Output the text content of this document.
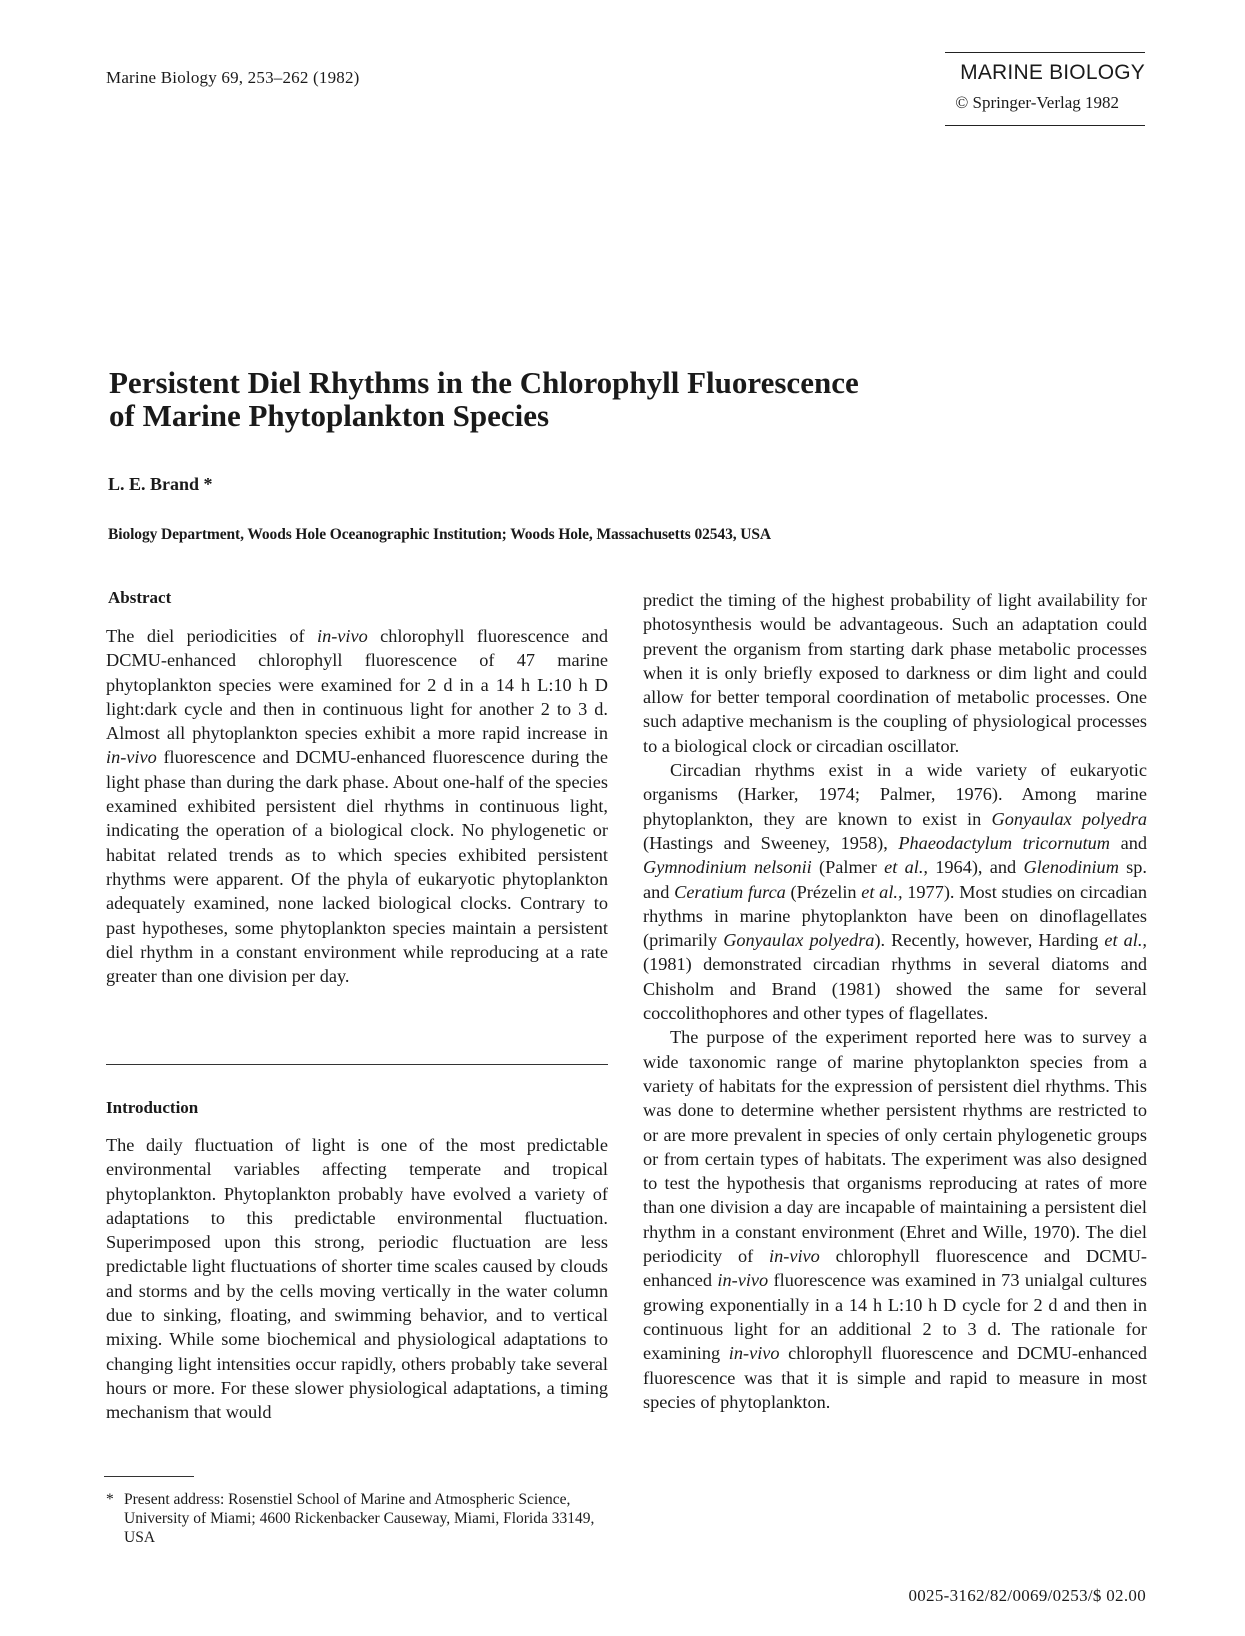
Marine Biology 69, 253–262 (1982)	MARINE BIOLOGY
© Springer-Verlag 1982
Persistent Diel Rhythms in the Chlorophyll Fluorescence
of Marine Phytoplankton Species
L. E. Brand *
Biology Department, Woods Hole Oceanographic Institution; Woods Hole, Massachusetts 02543, USA
Abstract

The diel periodicities of in-vivo chlorophyll fluorescence and DCMU-enhanced chlorophyll fluorescence of 47 marine phytoplankton species were examined for 2 d in a 14 h L:10 h D light:dark cycle and then in continuous light for another 2 to 3 d. Almost all phytoplankton species exhibit a more rapid increase in in-vivo fluorescence and DCMU-enhanced fluorescence during the light phase than during the dark phase. About one-half of the species examined exhibited persistent diel rhythms in continuous light, indicating the operation of a biological clock. No phylogenetic or habitat related trends as to which species exhibited persistent rhythms were apparent. Of the phyla of eukaryotic phytoplankton adequately examined, none lacked biological clocks. Contrary to past hypotheses, some phytoplankton species maintain a persistent diel rhythm in a constant environment while reproducing at a rate greater than one division per day.

Introduction

The daily fluctuation of light is one of the most predictable environmental variables affecting temperate and tropical phytoplankton. Phytoplankton probably have evolved a variety of adaptations to this predictable environmental fluctuation. Superimposed upon this strong, periodic fluctuation are less predictable light fluctuations of shorter time scales caused by clouds and storms and by the cells moving vertically in the water column due to sinking, floating, and swimming behavior, and to vertical mixing. While some biochemical and physiological adaptations to changing light intensities occur rapidly, others probably take several hours or more. For these slower physiological adaptations, a timing mechanism that would

predict the timing of the highest probability of light availability for photosynthesis would be advantageous. Such an adaptation could prevent the organism from starting dark phase metabolic processes when it is only briefly exposed to darkness or dim light and could allow for better temporal coordination of metabolic processes. One such adaptive mechanism is the coupling of physiological processes to a biological clock or circadian oscillator.

Circadian rhythms exist in a wide variety of eukaryotic organisms (Harker, 1974; Palmer, 1976). Among marine phytoplankton, they are known to exist in Gonyaulax polyedra (Hastings and Sweeney, 1958), Phaeodactylum tricornutum and Gymnodinium nelsonii (Palmer et al., 1964), and Glenodinium sp. and Ceratium furca (Prézelin et al., 1977). Most studies on circadian rhythms in marine phytoplankton have been on dinoflagellates (primarily Gonyaulax polyedra). Recently, however, Harding et al., (1981) demonstrated circadian rhythms in several diatoms and Chisholm and Brand (1981) showed the same for several coccolithophores and other types of flagellates.

The purpose of the experiment reported here was to survey a wide taxonomic range of marine phytoplankton species from a variety of habitats for the expression of persistent diel rhythms. This was done to determine whether persistent rhythms are restricted to or are more prevalent in species of only certain phylogenetic groups or from certain types of habitats. The experiment was also designed to test the hypothesis that organisms reproducing at rates of more than one division a day are incapable of maintaining a persistent diel rhythm in a constant environment (Ehret and Wille, 1970). The diel periodicity of in-vivo chlorophyll fluorescence and DCMU-enhanced in-vivo fluorescence was examined in 73 unialgal cultures growing exponentially in a 14 h L:10 h D cycle for 2 d and then in continuous light for an additional 2 to 3 d. The rationale for examining in-vivo chlorophyll fluorescence and DCMU-enhanced fluorescence was that it is simple and rapid to measure in most species of phytoplankton.

* Present address: Rosenstiel School of Marine and Atmospheric Science, University of Miami; 4600 Rickenbacker Causeway, Miami, Florida 33149, USA
0025-3162/82/0069/0253/$ 02.00
